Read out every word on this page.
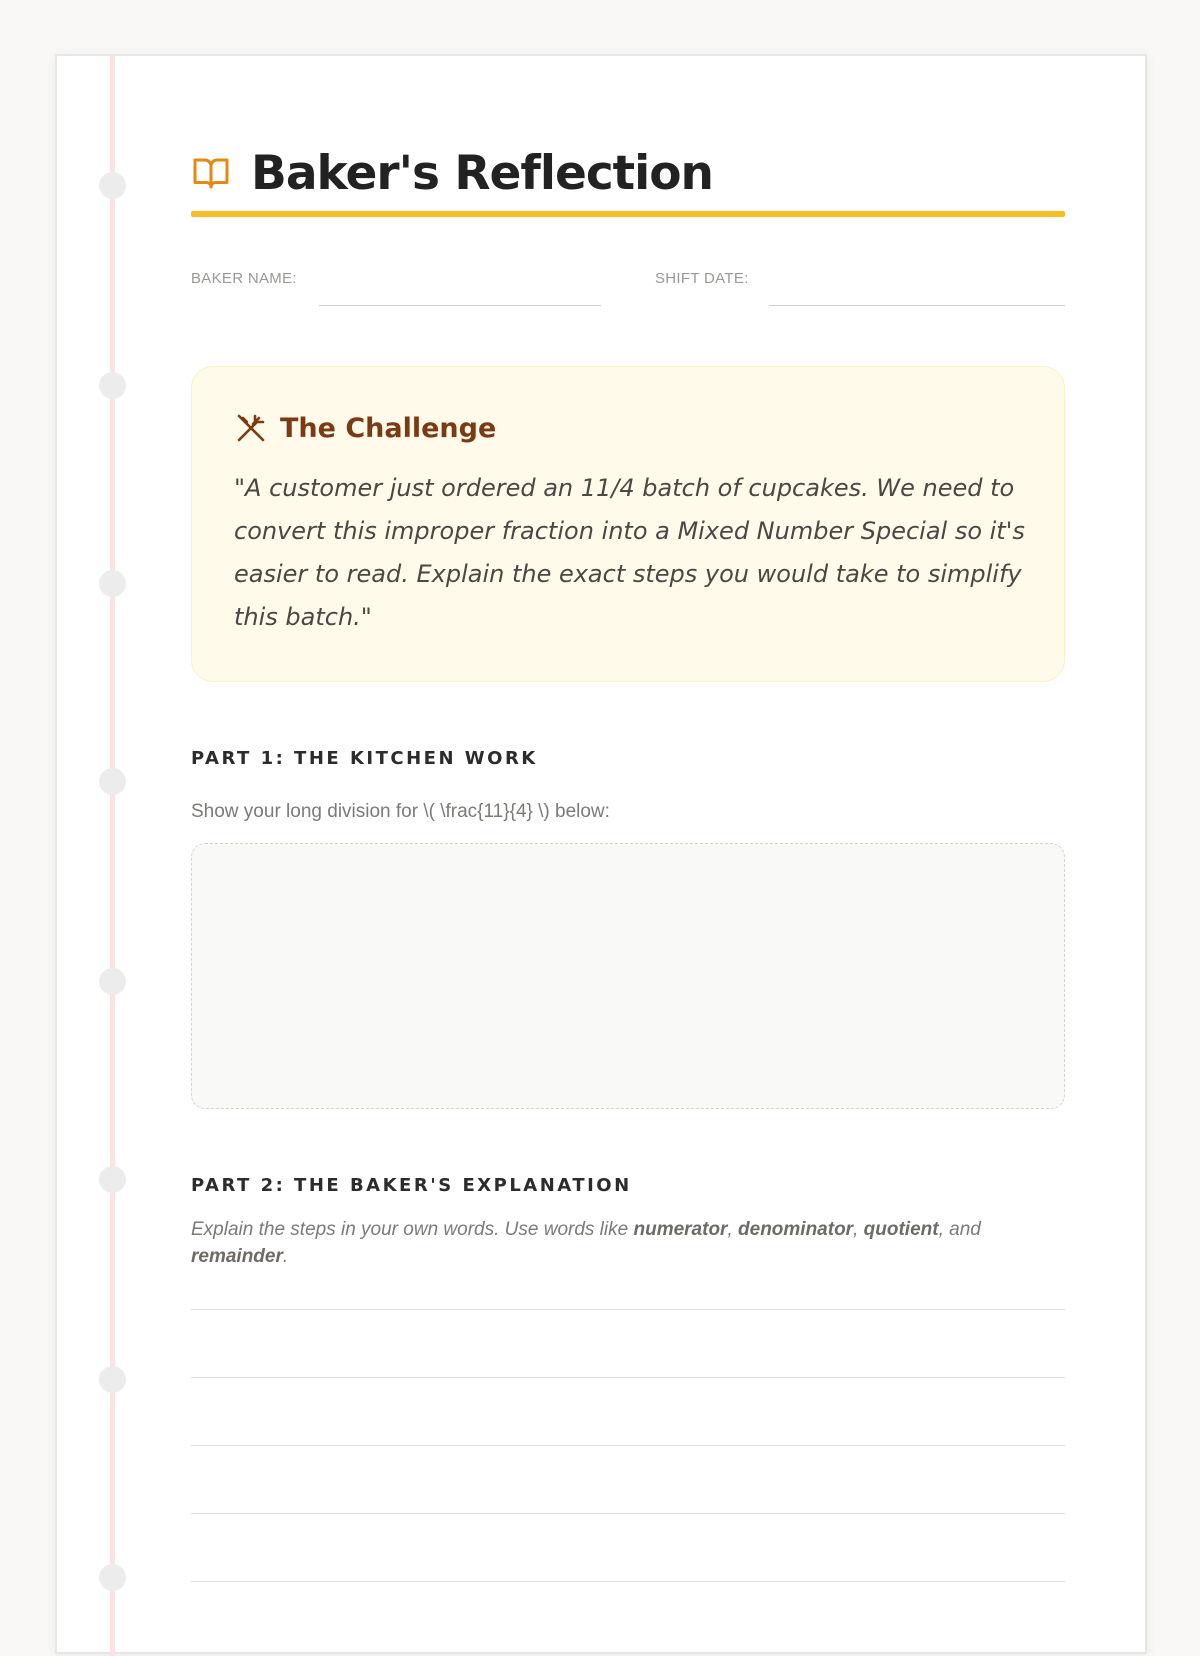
Baker's Reflection
BAKER NAME:	SHIFT DATE:
The Challenge
"A customer just ordered an 11/4 batch of cupcakes. We need to convert this improper fraction into a Mixed Number Special so it's easier to read. Explain the exact steps you would take to simplify this batch."
PART 1: THE KITCHEN WORK
Show your long division for \( \frac{11}{4} \) below:
PART 2: THE BAKER'S EXPLANATION
Explain the steps in your own words. Use words like numerator, denominator, quotient, and remainder.
